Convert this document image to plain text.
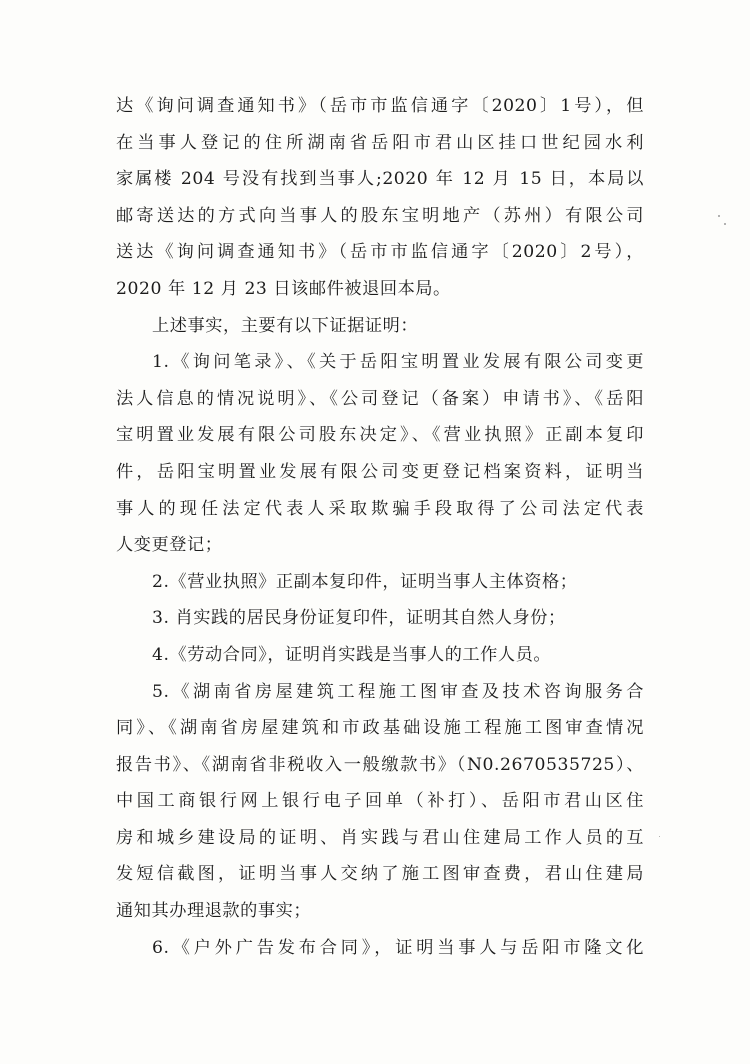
达《询问调查通知书》（岳市市监信通字〔2020〕1号），但
在当事人登记的住所湖南省岳阳市君山区挂口世纪园水利
家属楼 204 号没有找到当事人;2020 年 12 月 15 日，本局以
邮寄送达的方式向当事人的股东宝明地产（苏州）有限公司
送达《询问调查通知书》（岳市市监信通字〔2020〕2号），
2020 年 12 月 23 日该邮件被退回本局。
上述事实，主要有以下证据证明：
1.《询问笔录》、《关于岳阳宝明置业发展有限公司变更
法人信息的情况说明》、《公司登记（备案）申请书》、《岳阳
宝明置业发展有限公司股东决定》、《营业执照》正副本复印
件，岳阳宝明置业发展有限公司变更登记档案资料，证明当
事人的现任法定代表人采取欺骗手段取得了公司法定代表
人变更登记；
2.《营业执照》正副本复印件，证明当事人主体资格；
3. 肖实践的居民身份证复印件，证明其自然人身份；
4.《劳动合同》，证明肖实践是当事人的工作人员。
5.《湖南省房屋建筑工程施工图审查及技术咨询服务合
同》、《湖南省房屋建筑和市政基础设施工程施工图审查情况
报告书》、《湖南省非税收入一般缴款书》（N0.2670535725）、
中国工商银行网上银行电子回单（补打）、岳阳市君山区住
房和城乡建设局的证明、肖实践与君山住建局工作人员的互
发短信截图，证明当事人交纳了施工图审查费，君山住建局
通知其办理退款的事实；
6.《户外广告发布合同》，证明当事人与岳阳市隆文化
